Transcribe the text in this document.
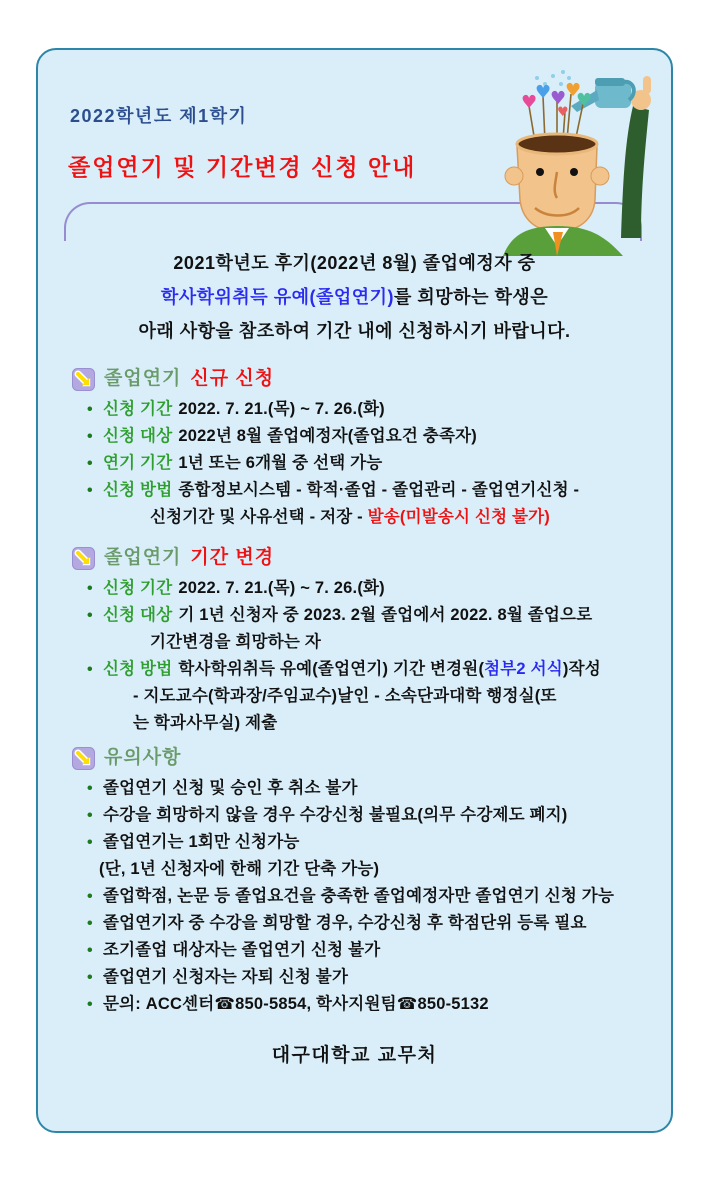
♥
♥
♥
♥
♥
♥
2022학년도 제1학기
졸업연기 및 기간변경 신청 안내
2021학년도 후기(2022년 8월) 졸업예정자 중
학사학위취득 유예(졸업연기)를 희망하는 학생은
아래 사항을 참조하여 기간 내에 신청하시기 바랍니다.
졸업연기 신규 신청
• 신청 기간 2022. 7. 21.(목) ~ 7. 26.(화)
• 신청 대상 2022년 8월 졸업예정자(졸업요건 충족자)
• 연기 기간 1년 또는 6개월 중 선택 가능
• 신청 방법 종합정보시스템 - 학적·졸업 - 졸업관리 - 졸업연기신청 -
신청기간 및 사유선택 - 저장 - 발송(미발송시 신청 불가)
졸업연기 기간 변경
• 신청 기간 2022. 7. 21.(목) ~ 7. 26.(화)
• 신청 대상 기 1년 신청자 중 2023. 2월 졸업에서 2022. 8월 졸업으로
기간변경을 희망하는 자
• 신청 방법 학사학위취득 유예(졸업연기) 기간 변경원(첨부2 서식)작성
- 지도교수(학과장/주임교수)날인 - 소속단과대학 행정실(또
는 학과사무실) 제출
유의사항
• 졸업연기 신청 및 승인 후 취소 불가
• 수강을 희망하지 않을 경우 수강신청 불필요(의무 수강제도 폐지)
• 졸업연기는 1회만 신청가능
(단, 1년 신청자에 한해 기간 단축 가능)
• 졸업학점, 논문 등 졸업요건을 충족한 졸업예정자만 졸업연기 신청 가능
• 졸업연기자 중 수강을 희망할 경우, 수강신청 후 학점단위 등록 필요
• 조기졸업 대상자는 졸업연기 신청 불가
• 졸업연기 신청자는 자퇴 신청 불가
• 문의: ACC센터☎850-5854, 학사지원팀☎850-5132
대구대학교 교무처
